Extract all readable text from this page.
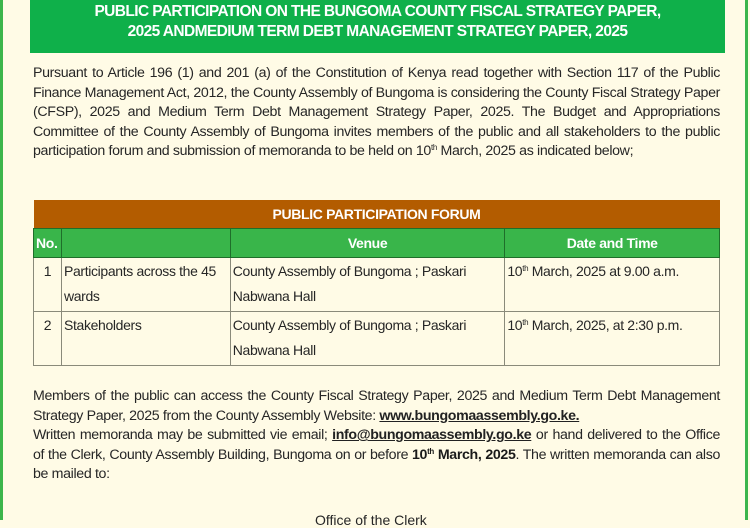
PUBLIC PARTICIPATION ON THE BUNGOMA COUNTY FISCAL STRATEGY PAPER,
2025 ANDMEDIUM TERM DEBT MANAGEMENT STRATEGY PAPER, 2025

Pursuant to Article 196 (1) and 201 (a) of the Constitution of Kenya read together with Section 117 of the Public Finance Management Act, 2012, the County Assembly of Bungoma is considering the County Fiscal Strategy Paper (CFSP), 2025 and Medium Term Debt Management Strategy Paper, 2025. The Budget and Appropriations Committee of the County Assembly of Bungoma invites members of the public and all stakeholders to the public participation forum and submission of memoranda to be held on 10th March, 2025 as indicated below;

PUBLIC PARTICIPATION FORUM			
No.		Venue	Date and Time
1	Participants across the 45 wards	County Assembly of Bungoma ; Paskari Nabwana Hall	10th March, 2025 at 9.00 a.m.
2	Stakeholders	County Assembly of Bungoma ; Paskari Nabwana Hall	10th March, 2025, at 2:30 p.m.

Members of the public can access the County Fiscal Strategy Paper, 2025 and Medium Term Debt Management Strategy Paper, 2025 from the County Assembly Website: www.bungomaassembly.go.ke.

Written memoranda may be submitted vie email; info@bungomaassembly.go.ke or hand delivered to the Office of the Clerk, County Assembly Building, Bungoma on or before 10th March, 2025. The written memoranda can also be mailed to:

Office of the Clerk
